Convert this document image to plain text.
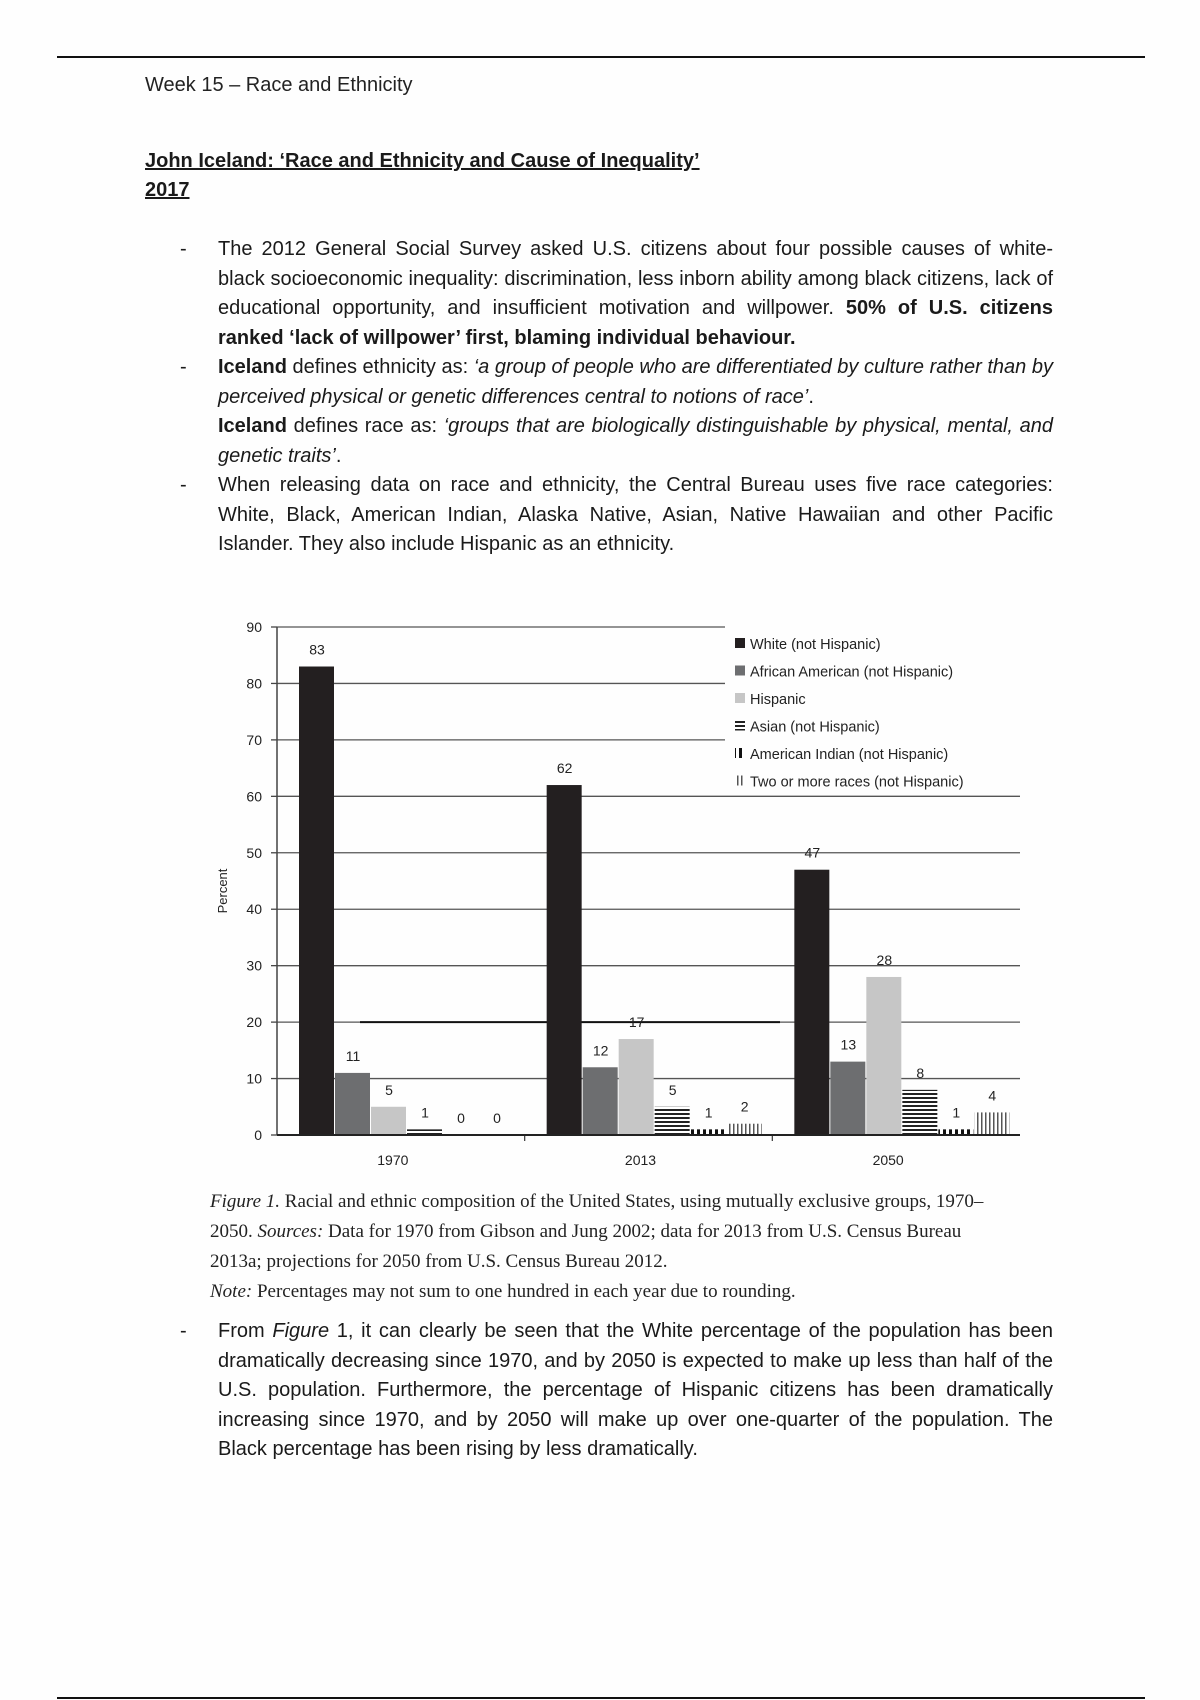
Week 15 – Race and Ethnicity
John Iceland: ‘Race and Ethnicity and Cause of Inequality’
2017
- The 2012 General Social Survey asked U.S. citizens about four possible causes of white-black socioeconomic inequality: discrimination, less inborn ability among black citizens, lack of educational opportunity, and insufficient motivation and willpower. 50% of U.S. citizens ranked ‘lack of willpower’ first, blaming individual behaviour.
- Iceland defines ethnicity as: ‘a group of people who are differentiated by culture rather than by perceived physical or genetic differences central to notions of race’.
Iceland defines race as: ‘groups that are biologically distinguishable by physical, mental, and genetic traits’.
- When releasing data on race and ethnicity, the Central Bureau uses five race categories: White, Black, American Indian, Alaska Native, Asian, Native Hawaiian and other Pacific Islander. They also include Hispanic as an ethnicity.
83
11
5
1 0 0
62
12
17
5
1 2
47
13
28
8
1
4
0
10
20
30
40
50
60
70
80
90
Percent
1970	2013	2050
White (not Hispanic)
African American (not Hispanic)
Hispanic
Asian (not Hispanic)
American Indian (not Hispanic)
Two or more races (not Hispanic)
Figure 1. Racial and ethnic composition of the United States, using mutually exclusive groups, 1970–2050. Sources: Data for 1970 from Gibson and Jung 2002; data for 2013 from U.S. Census Bureau 2013a; projections for 2050 from U.S. Census Bureau 2012.
Note: Percentages may not sum to one hundred in each year due to rounding.
- From Figure 1, it can clearly be seen that the White percentage of the population has been dramatically decreasing since 1970, and by 2050 is expected to make up less than half of the U.S. population. Furthermore, the percentage of Hispanic citizens has been dramatically increasing since 1970, and by 2050 will make up over one-quarter of the population. The Black percentage has been rising by less dramatically.
